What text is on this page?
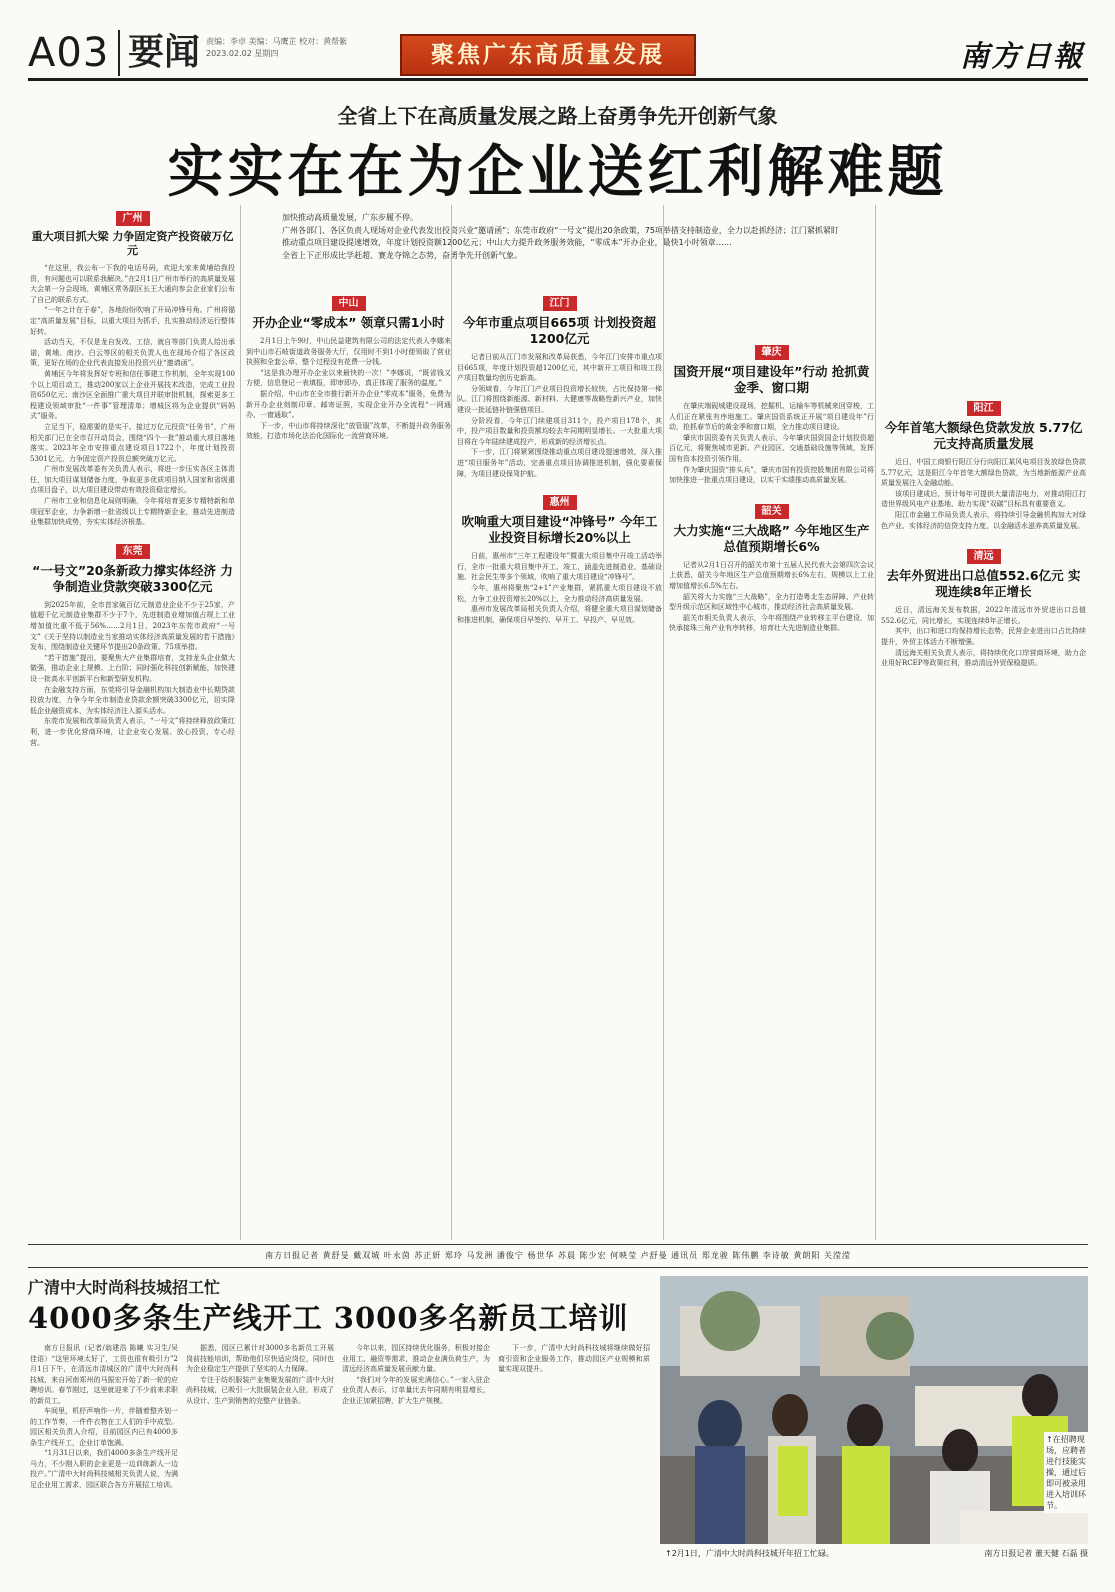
A03 要闻 责编：李卓 美编：马鹰芷 校对：黄帮紫
2023.02.02 星期四	聚焦广东高质量发展	南方日報
全省上下在高质量发展之路上奋勇争先开创新气象
实实在在为企业送红利解难题

加快推动高质量发展，广东步履不停。

广州各部门、各区负责人现场对企业代表发出投资兴业“邀请函”；东莞市政府“一号文”提出20条政策，75项举措支持制造业，全力以赴抓经济；江门紧抓紧盯推动重点项目建设提速增效，年度计划投资额1200亿元；中山大力提升政务服务效能，“零成本”开办企业，最快1小时领章……

全省上下正形成比学赶超、赛龙夺锦之态势，奋勇争先开创新气象。

广州
重大项目抓大梁 力争固定资产投资破万亿元

“在这里，我公布一下我的电话号码，欢迎大家来黄埔给我投资，有问题也可以联系我解决。”在2月1日广州市举行的高质量发展大会第一分会现场，黄埔区常务副区长王大通向参会企业家们公布了自己的联系方式。

“一年之计在于春”，各地纷纷吹响了开局冲锋号角。广州将锚定“高质量发展”目标，以重大项目为抓手，扎实推动经济运行整体好转。

活动当天，不仅是龙自发改、工信，就自等部门负责人给出承诺，黄埔、南沙、白云等区的相关负责人也在现场介绍了各区政策，更好在场的企业代表直接发出投资兴业“邀请函”。

黄埔区今年将发挥好专班和信任事建工作机制，全年实现100个以上项目动工，推动200家以上企业开展技术改造，完成工业投资650亿元；南沙区全面推广重大项目并联审批机制，探索更多工程建设领域审批“一件事”管理清单；增城区将为企业提供“妈妈式”服务。

立足当下，稳需要的是实干。接过万亿元投资“任务书”，广州相关部门已在全市召开动员会，围绕“四个一批”推动重大项目落地落实。2023年全市安排重点建设项目1722个，年度计划投资5301亿元，力争固定资产投资总额突破万亿元。

广州市发展改革委有关负责人表示，将进一步压实各区主体责任，加大项目谋划储备力度，争取更多优质项目纳入国家和省级重点项目盘子，以大项目建设带动有效投资稳定增长。

广州市工业和信息化局则明确，今年将培育更多专精特新和单项冠军企业，力争新增一批省级以上专精特新企业，推动先进制造业集群加快成势，夯实实体经济根基。

东莞
“一号文”20条新政力撑实体经济 力争制造业贷款突破3300亿元

到2025年前，全市首家破百亿元制造业企业不少于25家，产值超千亿元制造业集群不少于7个，先进制造业增加值占规上工业增加值比重不低于56%……2月1日，2023年东莞市政府“一号文”《关于坚持以制造业当家推动实体经济高质量发展的若干措施》发布，围绕制造业关键环节提出20条政策、75项举措。

“若干措施”提出，要聚焦大产业集群培育，支持龙头企业做大做强，推动企业上规模、上台阶；同时强化科技创新赋能，加快建设一批高水平创新平台和新型研发机构。

在金融支持方面，东莞将引导金融机构加大制造业中长期贷款投放力度，力争今年全市制造业贷款余额突破3300亿元，切实降低企业融资成本，为实体经济注入源头活水。

东莞市发展和改革局负责人表示，“一号文”将持续释放政策红利，进一步优化营商环境，让企业安心发展、放心投资、专心经营。

中山
开办企业“零成本” 领章只需1小时

2月1日上午9时，中山民益建筑有限公司的法定代表人李娜来到中山市石岐街道政务服务大厅，仅用时不到1小时便领取了营业执照和全套公章，整个过程没有花费一分钱。

“这是我办理开办企业以来最快的一次！”李娜说，“既省钱又方便，信息登记一表填报，即审即办，真正体现了服务的温度。”

据介绍，中山市在全市推行新开办企业“零成本”服务，免费为新开办企业刻制印章、邮寄证照，实现企业开办全流程“一网通办、一窗通取”。

下一步，中山市将持续深化“放管服”改革，不断提升政务服务效能，打造市场化法治化国际化一流营商环境。

江门
今年市重点项目665项 计划投资超1200亿元

记者日前从江门市发展和改革局获悉，今年江门安排市重点项目665项，年度计划投资超1200亿元，其中新开工项目和竣工投产项目数量均创历史新高。

分领域看，今年江门产业项目投资增长较快，占比保持第一梯队。江门将围绕新能源、新材料、大健康等战略性新兴产业，加快建设一批延链补链强链项目。

分阶段看，今年江门续建项目311个，投产项目178个，其中，投产项目数量和投资额均较去年同期明显增长。一大批重大项目将在今年陆续建成投产，形成新的经济增长点。

下一步，江门将紧紧围绕推动重点项目建设提速增效，深入推进“项目服务年”活动，完善重点项目协调推进机制，强化要素保障，为项目建设保驾护航。

惠州
吹响重大项目建设“冲锋号” 今年工业投资目标增长20%以上

日前，惠州市“三年工程建设年”暨重大项目集中开竣工活动举行，全市一批重大项目集中开工、竣工，涵盖先进制造业、基础设施、社会民生等多个领域，吹响了重大项目建设“冲锋号”。

今年，惠州将聚焦“2+1”产业集群，紧抓重大项目建设不放松，力争工业投资增长20%以上，全力推动经济高质量发展。

惠州市发展改革局相关负责人介绍，将健全重大项目谋划储备和推进机制，确保项目早签约、早开工、早投产、早见效。

肇庆
国资开展“项目建设年”行动 抢抓黄金季、窗口期

在肇庆端砚城建设现场，挖掘机、运输车等机械来回穿梭，工人们正在紧张有序地施工。肇庆国资系统正开展“项目建设年”行动，抢抓春节后的黄金季和窗口期，全力推动项目建设。

肇庆市国资委有关负责人表示，今年肇庆国资国企计划投资超百亿元，将聚焦城市更新、产业园区、交通基础设施等领域，发挥国有资本投资引领作用。

作为肇庆国资“排头兵”，肇庆市国有投资控股集团有限公司将加快推进一批重点项目建设，以实干实绩推动高质量发展。

韶关
大力实施“三大战略” 今年地区生产总值预期增长6%

记者从2月1日召开的韶关市第十五届人民代表大会第四次会议上获悉，韶关今年地区生产总值预期增长6%左右，规模以上工业增加值增长6.5%左右。

韶关将大力实施“三大战略”，全力打造粤北生态屏障、产业转型升级示范区和区域性中心城市，推动经济社会高质量发展。

韶关市相关负责人表示，今年将围绕产业转移主平台建设，加快承接珠三角产业有序转移，培育壮大先进制造业集群。

阳江
今年首笔大额绿色贷款发放 5.77亿元支持高质量发展

近日，中国工商银行阳江分行向阳江某风电项目发放绿色贷款5.77亿元，这是阳江今年首笔大额绿色贷款，为当地新能源产业高质量发展注入金融动能。

该项目建成后，预计每年可提供大量清洁电力，对推动阳江打造世界级风电产业基地、助力实现“双碳”目标具有重要意义。

阳江市金融工作局负责人表示，将持续引导金融机构加大对绿色产业、实体经济的信贷支持力度，以金融活水滋养高质量发展。

清远
去年外贸进出口总值552.6亿元 实现连续8年正增长

近日，清远海关发布数据，2022年清远市外贸进出口总值552.6亿元，同比增长，实现连续8年正增长。

其中，出口和进口均保持增长态势，民营企业进出口占比持续提升，外贸主体活力不断增强。

清远海关相关负责人表示，将持续优化口岸营商环境，助力企业用好RCEP等政策红利，推动清远外贸保稳提质。

南方日报记者 黄舒旻 戴双城 叶永茵 苏正妍 郑玲 马发洲 潘俊宁 杨世华 苏晨 陈少宏 何映莹 卢舒曼 通讯员 郑龙骏 陈伟鹏 李诗敏 黄朗阳 关滢滢
广清中大时尚科技城招工忙
4000多条生产线开工 3000多名新员工培训

南方日报讯（记者/翁建浩 陈曦 实习生/吴佳语）“这里环境太好了，工资也很有吸引力”2月1日下午，在清远市清城区的广清中大时尚科技城，来自河南郑州的马振宏开始了新一轮的应聘培训。春节刚过，这里就迎来了不少前来求职的新员工。

车间里，机杼声响作一片，伴随着整齐划一的工作节奏，一件件衣物在工人们的手中成型。园区相关负责人介绍，目前园区内已有4000多条生产线开工，企业订单饱满。

“1月31日以来，我们4000多条生产线开足马力，不少刚入职的企业更是一边训练新人一边投产。”广清中大时尚科技城相关负责人说，为满足企业用工需求，园区联合各方开展招工培训。

据悉，园区已累计对3000多名新员工开展岗前技能培训，帮助他们尽快适应岗位，同时也为企业稳定生产提供了坚实的人力保障。

专注于纺织服装产业集聚发展的广清中大时尚科技城，已吸引一大批服装企业入驻，形成了从设计、生产到销售的完整产业链条。

今年以来，园区持续优化服务，积极对接企业用工、融资等需求，推动企业满负荷生产，为清远经济高质量发展贡献力量。

“我们对今年的发展充满信心。”一家入驻企业负责人表示，订单量比去年同期有明显增长，企业正加紧招聘，扩大生产规模。

下一步，广清中大时尚科技城将继续做好招商引资和企业服务工作，推动园区产业规模和质量实现双提升。

↑在招聘现场，应聘者进行技能实操，通过后即可被录用进入培训环节。
↑2月1日，广清中大时尚科技城开年招工忙碌。	南方日报记者 董天健 石磊 摄
